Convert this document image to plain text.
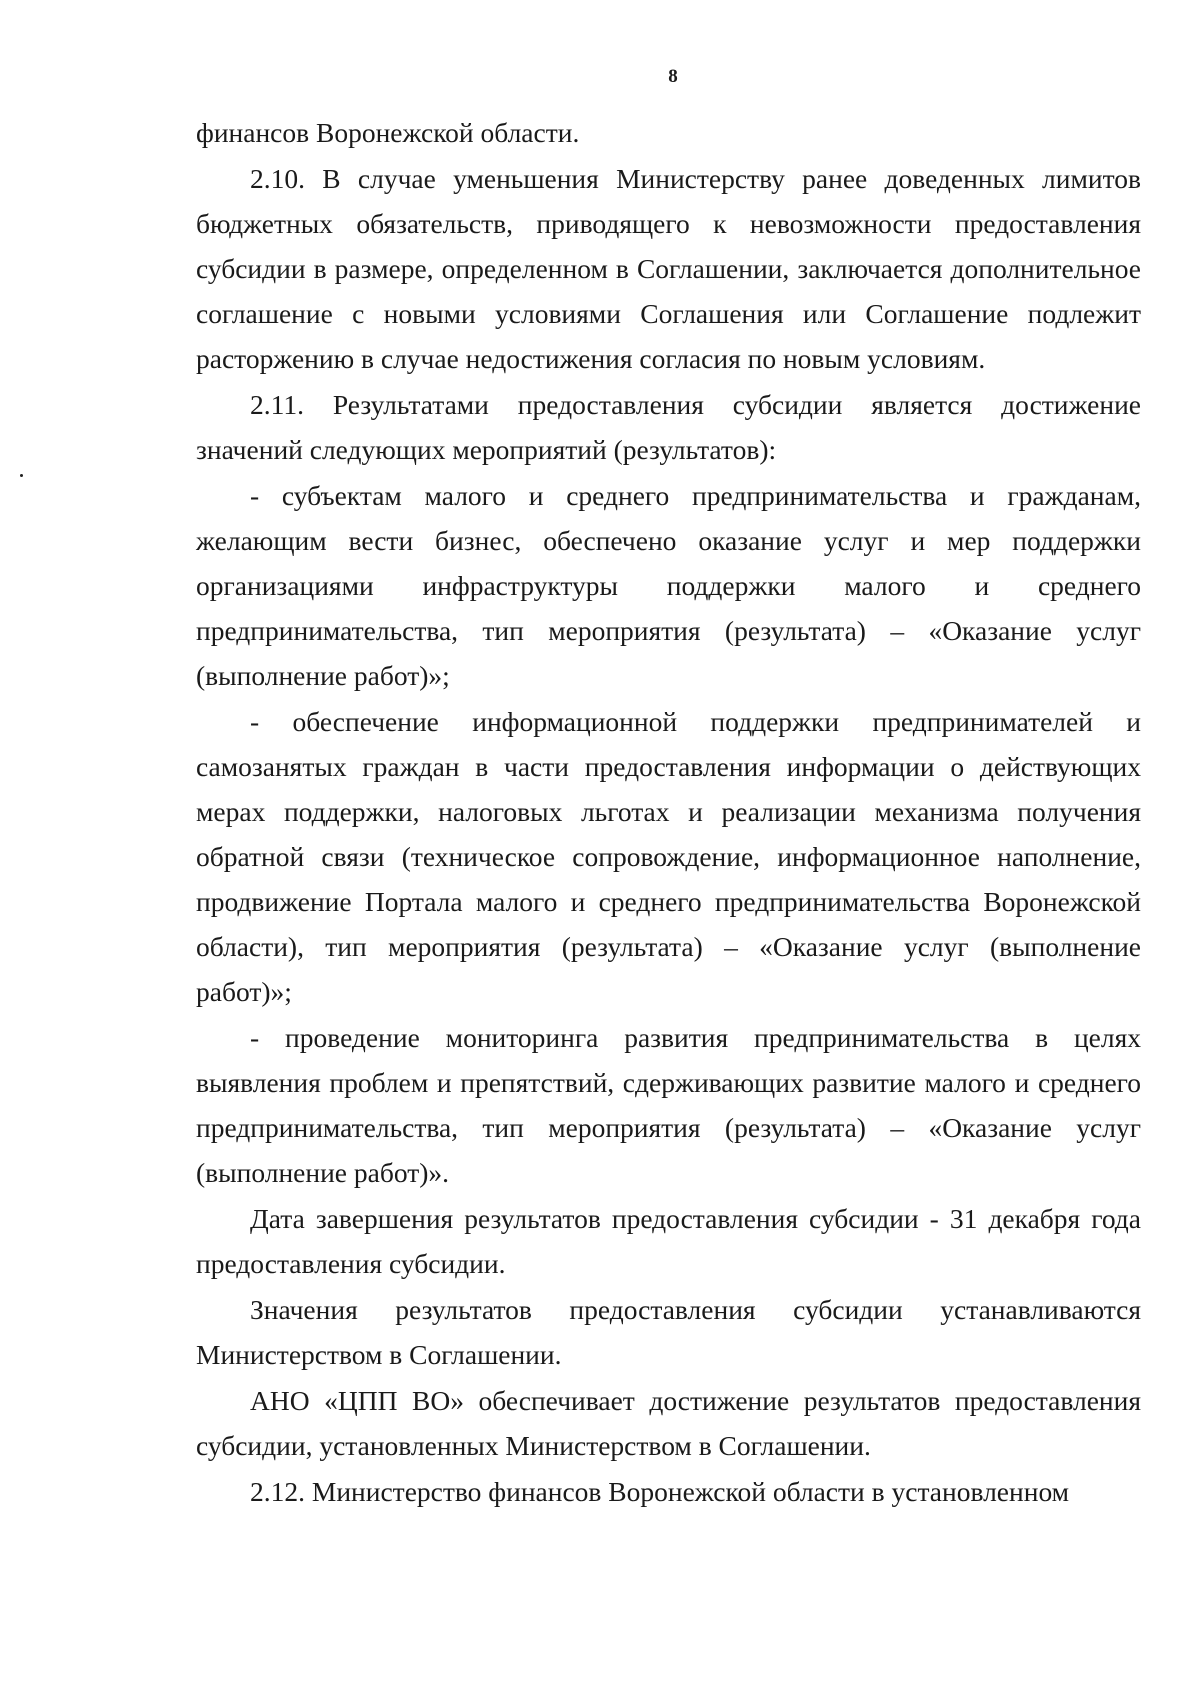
8

финансов Воронежской области.

2.10. В случае уменьшения Министерству ранее доведенных лимитов бюджетных обязательств, приводящего к невозможности предоставления субсидии в размере, определенном в Соглашении, заключается дополнительное соглашение с новыми условиями Соглашения или Соглашение подлежит расторжению в случае недостижения согласия по новым условиям.

2.11. Результатами предоставления субсидии является достижение значений следующих мероприятий (результатов):

- субъектам малого и среднего предпринимательства и гражданам, желающим вести бизнес, обеспечено оказание услуг и мер поддержки организациями инфраструктуры поддержки малого и среднего предпринимательства, тип мероприятия (результата) – «Оказание услуг (выполнение работ)»;

- обеспечение информационной поддержки предпринимателей и самозанятых граждан в части предоставления информации о действующих мерах поддержки, налоговых льготах и реализации механизма получения обратной связи (техническое сопровождение, информационное наполнение, продвижение Портала малого и среднего предпринимательства Воронежской области), тип мероприятия (результата) – «Оказание услуг (выполнение работ)»;

- проведение мониторинга развития предпринимательства в целях выявления проблем и препятствий, сдерживающих развитие малого и среднего предпринимательства, тип мероприятия (результата) – «Оказание услуг (выполнение работ)».

Дата завершения результатов предоставления субсидии - 31 декабря года предоставления субсидии.

Значения результатов предоставления субсидии устанавливаются Министерством в Соглашении.

АНО «ЦПП ВО» обеспечивает достижение результатов предоставления субсидии, установленных Министерством в Соглашении.

2.12. Министерство финансов Воронежской области в установленном
